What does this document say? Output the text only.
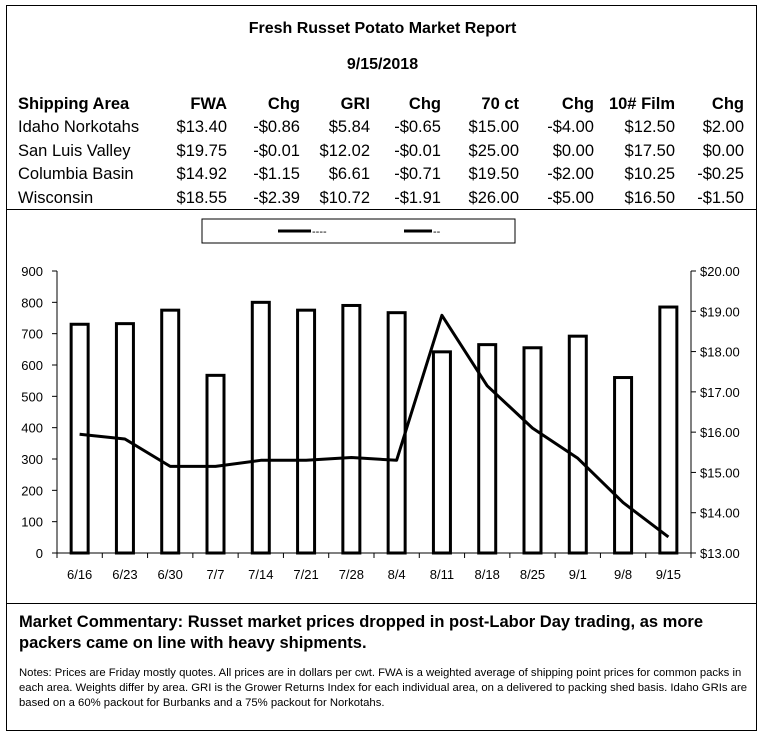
Fresh Russet Potato Market Report
9/15/2018
Shipping Area	FWA	Chg	GRI	Chg	70 ct	Chg	10# Film	Chg
Idaho Norkotahs	$13.40	-$0.86	$5.84	-$0.65	$15.00	-$4.00	$12.50	$2.00
San Luis Valley	$19.75	-$0.01	$12.02	-$0.01	$25.00	$0.00	$17.50	$0.00
Columbia Basin	$14.92	-$1.15	$6.61	-$0.71	$19.50	-$2.00	$10.25	-$0.25
Wisconsin	$18.55	-$2.39	$10.72	-$1.91	$26.00	-$5.00	$16.50	-$1.50
----	--
900
800
700
600
500
400
300
200
100
0
$20.00
$19.00
$18.00
$17.00
$16.00
$15.00
$14.00
$13.00
6/16 6/23 6/30 7/7 7/14 7/21 7/28 8/4 8/11 8/18 8/25 9/1 9/8 9/15
Market Commentary: Russet market prices dropped in post-Labor Day trading, as more packers came on line with heavy shipments.
Notes: Prices are Friday mostly quotes. All prices are in dollars per cwt. FWA is a weighted average of shipping point prices for common packs in each area. Weights differ by area. GRI is the Grower Returns Index for each individual area, on a delivered to packing shed basis. Idaho GRIs are based on a 60% packout for Burbanks and a 75% packout for Norkotahs.
